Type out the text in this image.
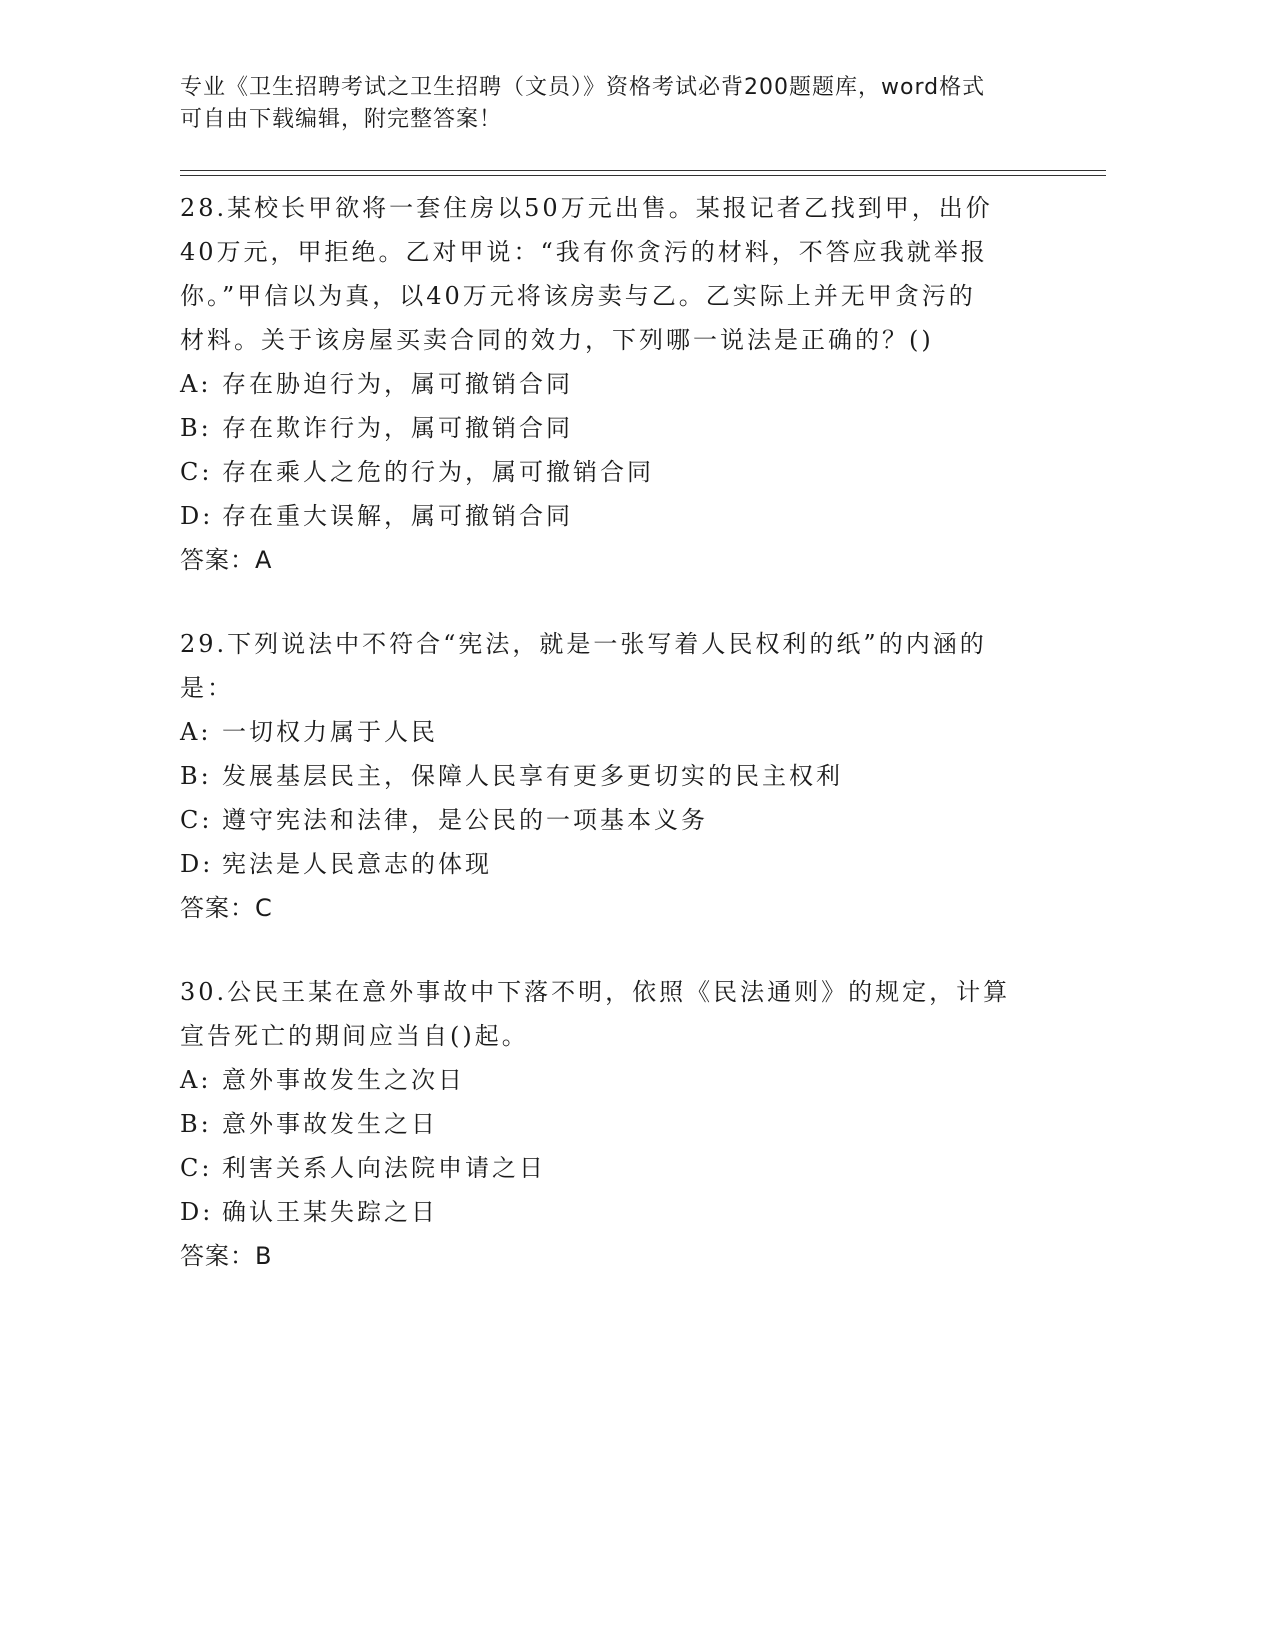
专业《卫生招聘考试之卫生招聘（文员）》资格考试必背200题题库，word格式
可自由下载编辑，附完整答案！

28.某校长甲欲将一套住房以50万元出售。某报记者乙找到甲，出价

40万元，甲拒绝。乙对甲说：“我有你贪污的材料，不答应我就举报

你。”甲信以为真，以40万元将该房卖与乙。乙实际上并无甲贪污的

材料。关于该房屋买卖合同的效力，下列哪一说法是正确的？()

A: 存在胁迫行为，属可撤销合同

B: 存在欺诈行为，属可撤销合同

C: 存在乘人之危的行为，属可撤销合同

D: 存在重大误解，属可撤销合同

答案：A

29.下列说法中不符合“宪法，就是一张写着人民权利的纸”的内涵的

是：

A: 一切权力属于人民

B: 发展基层民主，保障人民享有更多更切实的民主权利

C: 遵守宪法和法律，是公民的一项基本义务

D: 宪法是人民意志的体现

答案：C

30.公民王某在意外事故中下落不明，依照《民法通则》的规定，计算

宣告死亡的期间应当自()起。

A: 意外事故发生之次日

B: 意外事故发生之日

C: 利害关系人向法院申请之日

D: 确认王某失踪之日

答案：B
